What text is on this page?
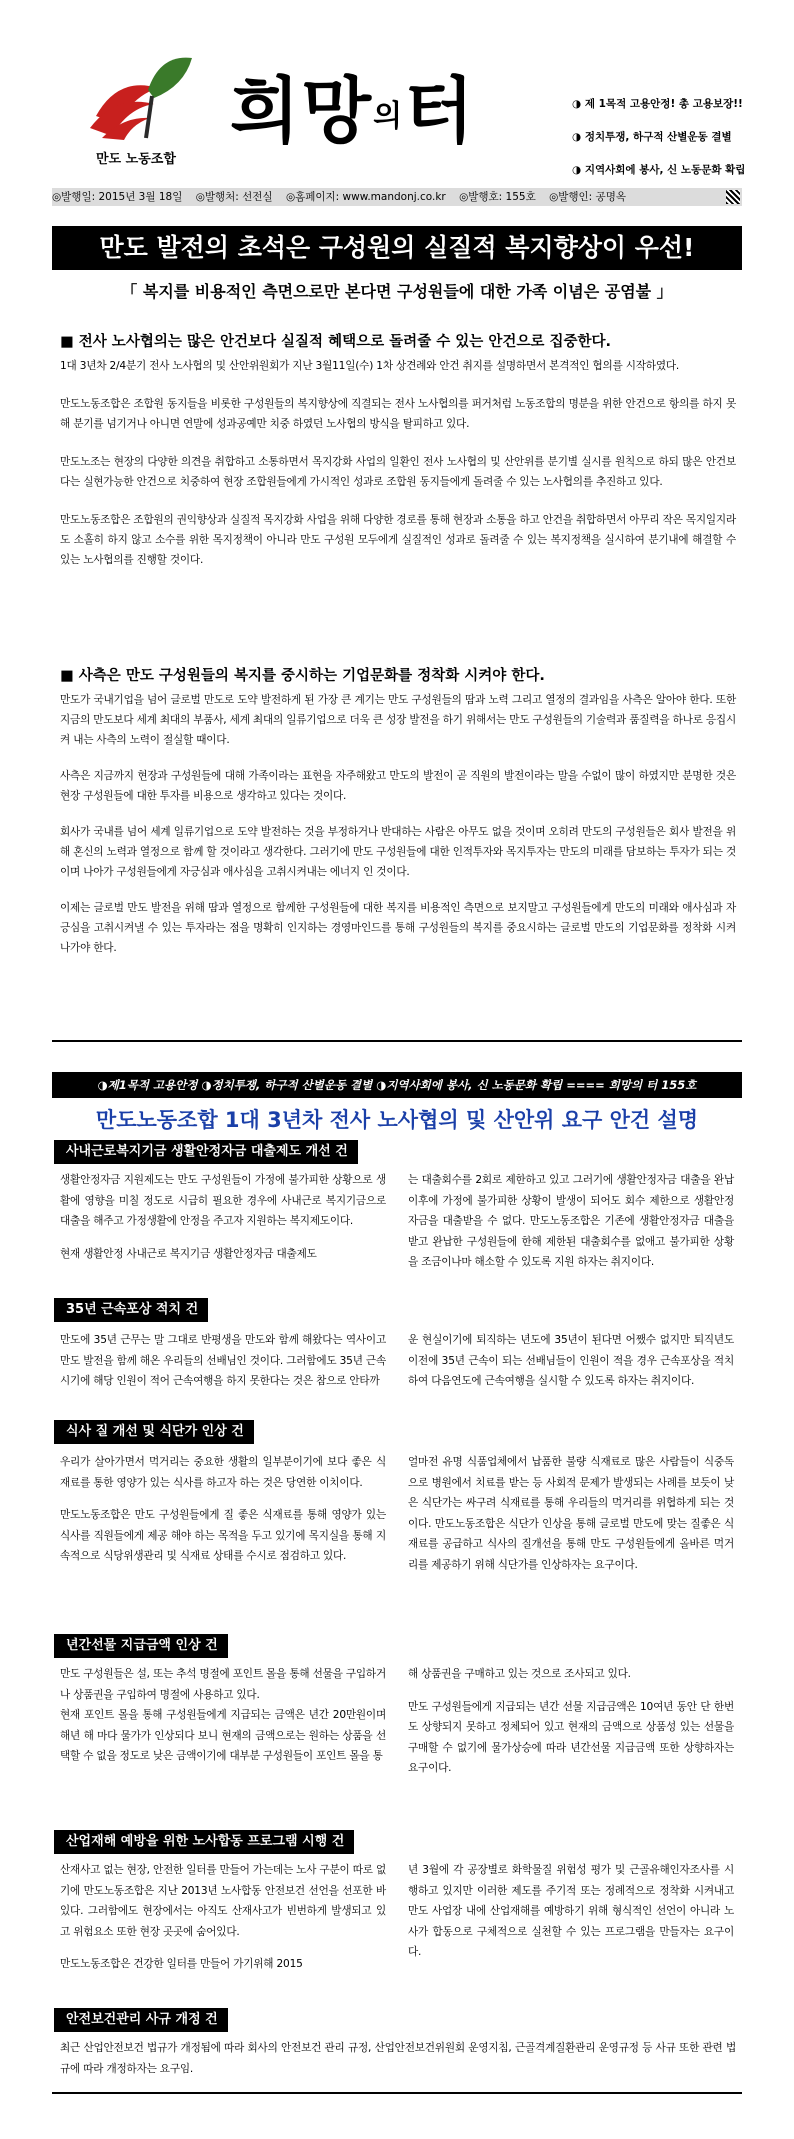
만도 노동조합
희망의터
◑	제 1목적 고용안정! 총 고용보장!!
◑ 정치투쟁, 하구적 산별운동 결별
◑ 지역사회에 봉사, 신 노동문화 확립
◎발행일: 2015년 3월 18일 ◎발행처: 선전실 ◎홈페이지: www.mandonj.co.kr ◎발행호: 155호 ◎발행인: 공명옥
만도 발전의 초석은 구성원의 실질적 복지향상이 우선!
「 복지를 비용적인 측면으로만 본다면 구성원들에 대한 가족 이념은 공염불 」
■ 전사 노사협의는 많은 안건보다 실질적 혜택으로 돌려줄 수 있는 안건으로 집중한다.

1대 3년차 2/4분기 전사 노사협의 및 산안위원회가 지난 3월11일(수) 1차 상견례와 안건 취지를 설명하면서 본격적인 협의를 시작하였다.

만도노동조합은 조합원 동지들을 비롯한 구성원들의 복지향상에 직결되는 전사 노사협의를 퍼거처럼 노동조합의 명분을 위한 안건으로 항의를 하지 못해 분기를 넘기거나 아니면 연말에 성과공예만 치중 하였던 노사협의 방식을 탈피하고 있다.

만도노조는 현장의 다양한 의견을 취합하고 소통하면서 목지강화 사업의 일환인 전사 노사협의 및 산안위를 분기별 실시를 원칙으로 하되 많은 안건보다는 실현가능한 안건으로 치중하여 현장 조합원들에게 가시적인 성과로 조합원 동지들에게 돌려줄 수 있는 노사협의를 추진하고 있다.

만도노동조합은 조합원의 권익향상과 실질적 목지강화 사업을 위해 다양한 경로를 통해 현장과 소통을 하고 안건을 취합하면서 아무리 작은 목지일지라도 소홀히 하지 않고 소수를 위한 목지정책이 아니라 만도 구성원 모두에게 실질적인 성과로 돌려줄 수 있는 복지정책을 실시하여 분기내에 해결할 수 있는 노사협의를 진행할 것이다.

■ 사측은 만도 구성원들의 복지를 중시하는 기업문화를 정착화 시켜야 한다.

만도가 국내기업을 넘어 글로벌 만도로 도약 발전하게 된 가장 큰 계기는 만도 구성원들의 땀과 노력 그리고 열정의 결과임을 사측은 알아야 한다. 또한 지금의 만도보다 세계 최대의 부품사, 세계 최대의 일류기업으로 더욱 큰 성장 발전을 하기 위해서는 만도 구성원들의 기술력과 품질력을 하나로 응집시켜 내는 사측의 노력이 절실할 때이다.

사측은 지금까지 현장과 구성원들에 대해 가족이라는 표현을 자주해왔고 만도의 발전이 곧 직원의 발전이라는 말을 수없이 많이 하였지만 분명한 것은 현장 구성원들에 대한 투자를 비용으로 생각하고 있다는 것이다.

회사가 국내를 넘어 세계 일류기업으로 도약 발전하는 것을 부정하거나 반대하는 사람은 아무도 없을 것이며 오히려 만도의 구성원들은 회사 발전을 위해 혼신의 노력과 열정으로 함께 할 것이라고 생각한다. 그러기에 만도 구성원들에 대한 인적투자와 목지투자는 만도의 미래를 담보하는 투자가 되는 것이며 나아가 구성원들에게 자긍심과 애사심을 고취시켜내는 에너지 인 것이다.

이제는 글로벌 만도 발전을 위해 땀과 열정으로 함께한 구성원들에 대한 복지를 비용적인 측면으로 보지말고 구성원들에게 만도의 미래와 애사심과 자긍심을 고취시켜낼 수 있는 투자라는 점을 명확히 인지하는 경영마인드를 통해 구성원들의 복지를 중요시하는 글로벌 만도의 기업문화를 정착화 시켜 나가야 한다.

◑제1목적 고용안정 ◑정치투쟁, 하구적 산별운동 결별 ◑지역사회에 봉사, 신 노동문화 확립 ==== 희망의 터 155호
만도노동조합 1대 3년차 전사 노사협의 및 산안위 요구 안건 설명
사내근로복지기금 생활안정자금 대출제도 개선 건

생활안정자금 지원제도는 만도 구성원들이 가정에 불가피한 상황으로 생활에 영향을 미칠 정도로 시급히 필요한 경우에 사내근로 복지기금으로 대출을 해주고 가정생활에 안정을 주고자 지원하는 복지제도이다.

현재 생활안정 사내근로 복지기금 생활안정자금 대출제도

는 대출회수를 2회로 제한하고 있고 그러기에 생활안정자금 대출을 완납이후에 가정에 불가피한 상황이 발생이 되어도 회수 제한으로 생활안정자금을 대출받을 수 없다. 만도노동조합은 기존에 생활안정자금 대출을 받고 완납한 구성원들에 한해 제한된 대출회수를 없애고 불가피한 상황을 조금이나마 해소할 수 있도록 지원 하자는 취지이다.

35년 근속포상 적치 건

만도에 35년 근무는 말 그대로 반평생을 만도와 함께 해왔다는 역사이고 만도 발전을 함께 해온 우리들의 선배님인 것이다. 그러함에도 35년 근속시기에 해당 인원이 적어 근속여행을 하지 못한다는 것은 참으로 안타까

운 현실이기에 퇴직하는 년도에 35년이 된다면 어쨌수 없지만 퇴직년도 이전에 35년 근속이 되는 선배님들이 인원이 적을 경우 근속포상을 적치하여 다음연도에 근속여행을 실시할 수 있도록 하자는 취지이다.

식사 질 개선 및 식단가 인상 건

우리가 살아가면서 먹거리는 중요한 생활의 일부분이기에 보다 좋은 식재료를 통한 영양가 있는 식사를 하고자 하는 것은 당연한 이치이다.

만도노동조합은 만도 구성원들에게 질 좋은 식재료를 통해 영양가 있는 식사를 직원들에게 제공 해야 하는 목적을 두고 있기에 목지실을 통해 지속적으로 식당위생관리 및 식재료 상태를 수시로 점검하고 있다.

얼마전 유명 식품업체에서 납품한 불량 식재료로 많은 사람들이 식중독으로 병원에서 치료를 받는 등 사회적 문제가 발생되는 사례를 보듯이 낮은 식단가는 싸구려 식재료를 통해 우리들의 먹거리를 위협하게 되는 것이다. 만도노동조합은 식단가 인상을 통해 글로벌 만도에 맞는 질좋은 식재료를 공급하고 식사의 질개선을 통해 만도 구성원들에게 올바른 먹거리를 제공하기 위해 식단가를 인상하자는 요구이다.

년간선물 지급금액 인상 건

만도 구성원들은 설, 또는 추석 명절에 포인트 몰을 통해 선물을 구입하거나 상품권을 구입하여 명절에 사용하고 있다.

현재 포인트 몰을 통해 구성원들에게 지급되는 금액은 년간 20만원이며 해년 해 마다 물가가 인상되다 보니 현재의 금액으로는 원하는 상품을 선택할 수 없을 정도로 낮은 금액이기에 대부분 구성원들이 포인트 몰을 통

해 상품권을 구매하고 있는 것으로 조사되고 있다.

만도 구성원들에게 지급되는 년간 선물 지급금액은 10여년 동안 단 한번도 상향되지 못하고 정체되어 있고 현재의 금액으로 상품성 있는 선물을 구매할 수 없기에 물가상승에 따라 년간선물 지급금액 또한 상향하자는 요구이다.

산업재해 예방을 위한 노사합동 프로그램 시행 건

산재사고 없는 현장, 안전한 일터를 만들어 가는데는 노사 구분이 따로 없기에 만도노동조합은 지난 2013년 노사합동 안전보건 선언을 선포한 바 있다. 그러함에도 현장에서는 아직도 산재사고가 빈번하게 발생되고 있고 위험요소 또한 현장 곳곳에 숨어있다.

만도노동조합은 건강한 일터를 만들어 가기위해 2015

년 3월에 각 공장별로 화학물질 위험성 평가 및 근골유해인자조사를 시행하고 있지만 이러한 제도를 주기적 또는 정례적으로 정착화 시켜내고 만도 사업장 내에 산업재해를 예방하기 위해 형식적인 선언이 아니라 노사가 합동으로 구체적으로 실천할 수 있는 프로그램을 만들자는 요구이다.

안전보건관리 사규 개정 건

최근 산업안전보건 법규가 개정됨에 따라 회사의 안전보건 관리 규정, 산업안전보건위원회 운영지침, 근골격계질환관리 운영규정 등 사규 또한 관련 법규에 따라 개정하자는 요구임.
